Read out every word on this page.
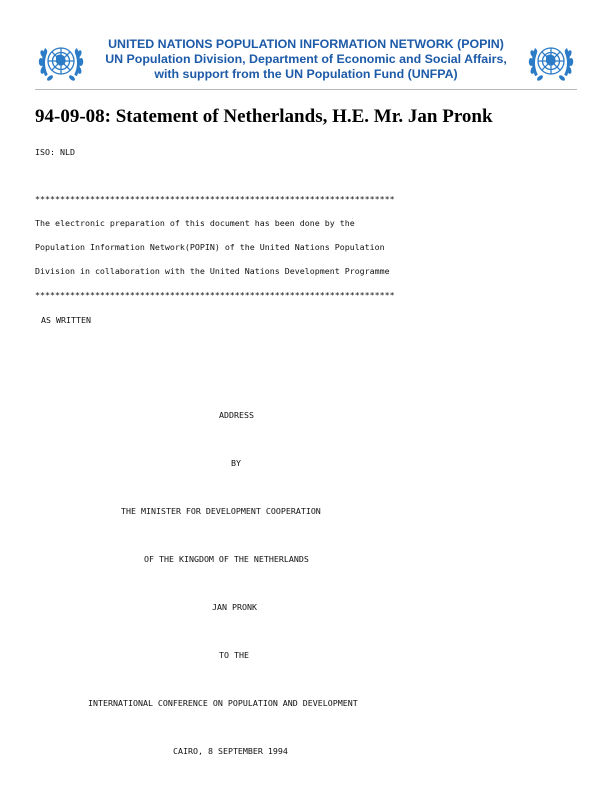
UNITED NATIONS POPULATION INFORMATION NETWORK (POPIN)
UN Population Division, Department of Economic and Social Affairs,
with support from the UN Population Fund (UNFPA)
94-09-08: Statement of Netherlands, H.E. Mr. Jan Pronk
ISO: NLD
************************************************************************
The electronic preparation of this document has been done by the
Population Information Network(POPIN) of the United Nations Population
Division in collaboration with the United Nations Development Programme
************************************************************************
AS WRITTEN
ADDRESS
BY
THE MINISTER FOR DEVELOPMENT COOPERATION
OF THE KINGDOM OF THE NETHERLANDS
JAN PRONK
TO THE
INTERNATIONAL CONFERENCE ON POPULATION AND DEVELOPMENT
CAIRO, 8 SEPTEMBER 1994
